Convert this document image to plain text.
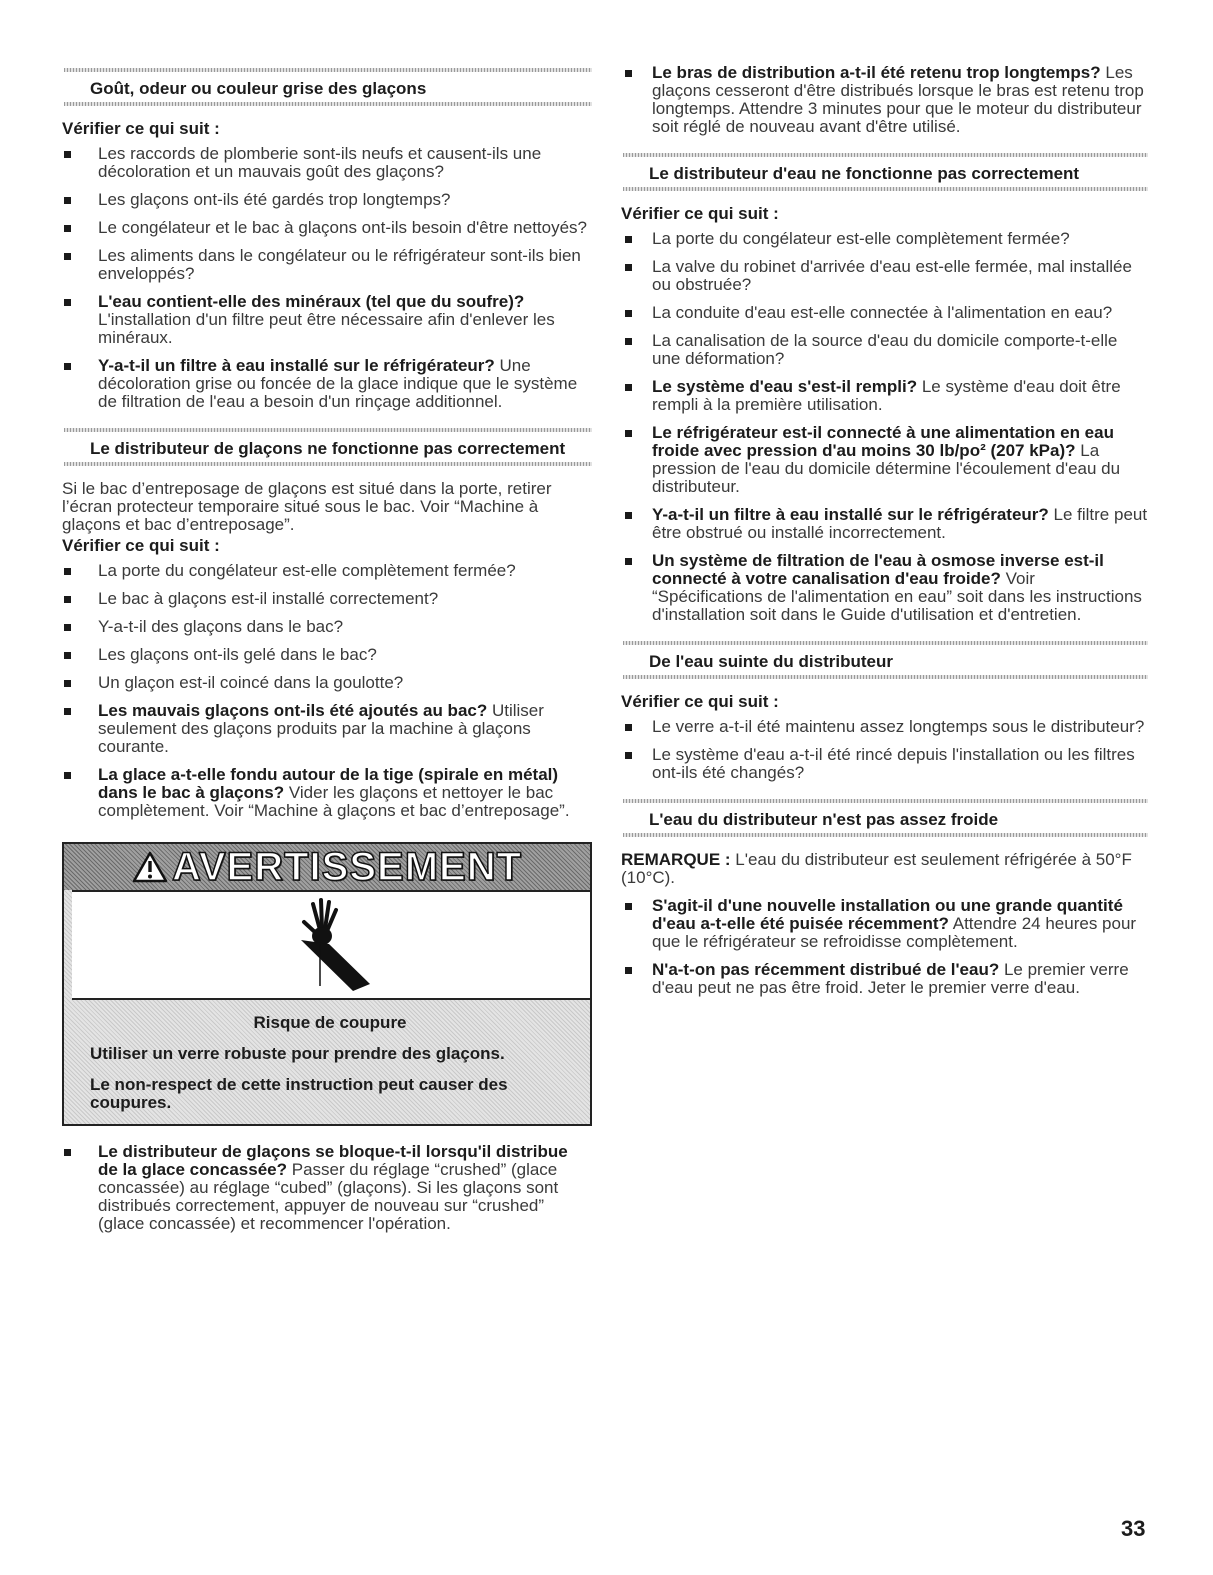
Goût, odeur ou couleur grise des glaçons
Vérifier ce qui suit :
Les raccords de plomberie sont-ils neufs et causent-ils une décoloration et un mauvais goût des glaçons?
Les glaçons ont-ils été gardés trop longtemps?
Le congélateur et le bac à glaçons ont-ils besoin d'être nettoyés?
Les aliments dans le congélateur ou le réfrigérateur sont-ils bien enveloppés?
L'eau contient-elle des minéraux (tel que du soufre)? L'installation d'un filtre peut être nécessaire afin d'enlever les minéraux.
Y-a-t-il un filtre à eau installé sur le réfrigérateur? Une décoloration grise ou foncée de la glace indique que le système de filtration de l'eau a besoin d'un rinçage additionnel.
Le distributeur de glaçons ne fonctionne pas correctement

Si le bac d’entreposage de glaçons est situé dans la porte, retirer l’écran protecteur temporaire situé sous le bac. Voir “Machine à glaçons et bac d’entreposage”.

Vérifier ce qui suit :
La porte du congélateur est-elle complètement fermée?
Le bac à glaçons est-il installé correctement?
Y-a-t-il des glaçons dans le bac?
Les glaçons ont-ils gelé dans le bac?
Un glaçon est-il coincé dans la goulotte?
Les mauvais glaçons ont-ils été ajoutés au bac? Utiliser seulement des glaçons produits par la machine à glaçons courante.
La glace a-t-elle fondu autour de la tige (spirale en métal) dans le bac à glaçons? Vider les glaçons et nettoyer le bac complètement. Voir “Machine à glaçons et bac d’entreposage”.
AVERTISSEMENT
Risque de coupure
Utiliser un verre robuste pour prendre des glaçons.
Le non-respect de cette instruction peut causer des coupures.
Le distributeur de glaçons se bloque-t-il lorsqu'il distribue de la glace concassée? Passer du réglage “crushed” (glace concassée) au réglage “cubed” (glaçons). Si les glaçons sont distribués correctement, appuyer de nouveau sur “crushed” (glace concassée) et recommencer l'opération.
Le bras de distribution a-t-il été retenu trop longtemps? Les glaçons cesseront d'être distribués lorsque le bras est retenu trop longtemps. Attendre 3 minutes pour que le moteur du distributeur soit réglé de nouveau avant d'être utilisé.
Le distributeur d'eau ne fonctionne pas correctement
Vérifier ce qui suit :
La porte du congélateur est-elle complètement fermée?
La valve du robinet d'arrivée d'eau est-elle fermée, mal installée ou obstruée?
La conduite d'eau est-elle connectée à l'alimentation en eau?
La canalisation de la source d'eau du domicile comporte-t-elle une déformation?
Le système d'eau s'est-il rempli? Le système d'eau doit être rempli à la première utilisation.
Le réfrigérateur est-il connecté à une alimentation en eau froide avec pression d'au moins 30 lb/po² (207 kPa)? La pression de l'eau du domicile détermine l'écoulement d'eau du distributeur.
Y-a-t-il un filtre à eau installé sur le réfrigérateur? Le filtre peut être obstrué ou installé incorrectement.
Un système de filtration de l'eau à osmose inverse est-il connecté à votre canalisation d'eau froide? Voir “Spécifications de l'alimentation en eau” soit dans les instructions d'installation soit dans le Guide d'utilisation et d'entretien.
De l'eau suinte du distributeur
Vérifier ce qui suit :
Le verre a-t-il été maintenu assez longtemps sous le distributeur?
Le système d'eau a-t-il été rincé depuis l'installation ou les filtres ont-ils été changés?
L'eau du distributeur n'est pas assez froide

REMARQUE : L'eau du distributeur est seulement réfrigérée à 50°F (10°C).

S'agit-il d'une nouvelle installation ou une grande quantité d'eau a-t-elle été puisée récemment? Attendre 24 heures pour que le réfrigérateur se refroidisse complètement.
N'a-t-on pas récemment distribué de l'eau? Le premier verre d'eau peut ne pas être froid. Jeter le premier verre d'eau.
33
